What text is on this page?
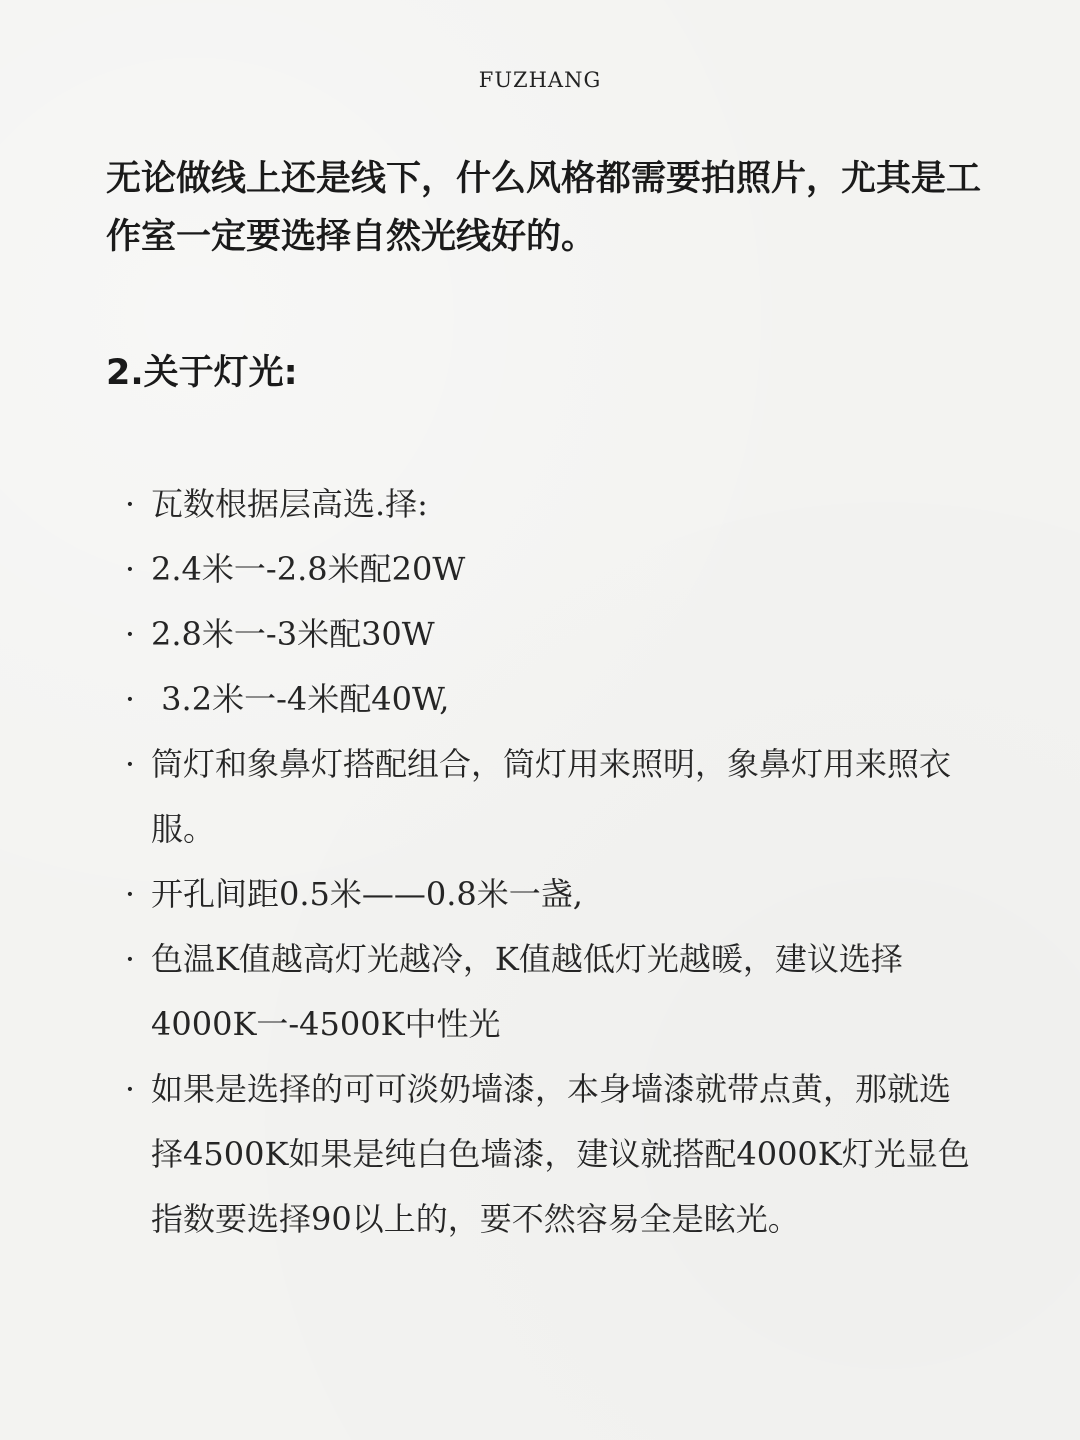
FUZHANG

无论做线上还是线下，什么风格都需要拍照片，尤其是工作室一定要选择自然光线好的。

2.关于灯光:
· 瓦数根据层高选.择:
· 2.4米一-2.8米配20W
· 2.8米一-3米配30W
· 3.2米一-4米配40W,
· 筒灯和象鼻灯搭配组合，筒灯用来照明，象鼻灯用来照衣服。
· 开孔间距0.5米——0.8米一盏,
· 色温K值越高灯光越冷，K值越低灯光越暖，建议选择4000K一-4500K中性光
· 如果是选择的可可淡奶墙漆，本身墙漆就带点黄，那就选择4500K如果是纯白色墙漆，建议就搭配4000K灯光显色指数要选择90以上的，要不然容易全是眩光。
